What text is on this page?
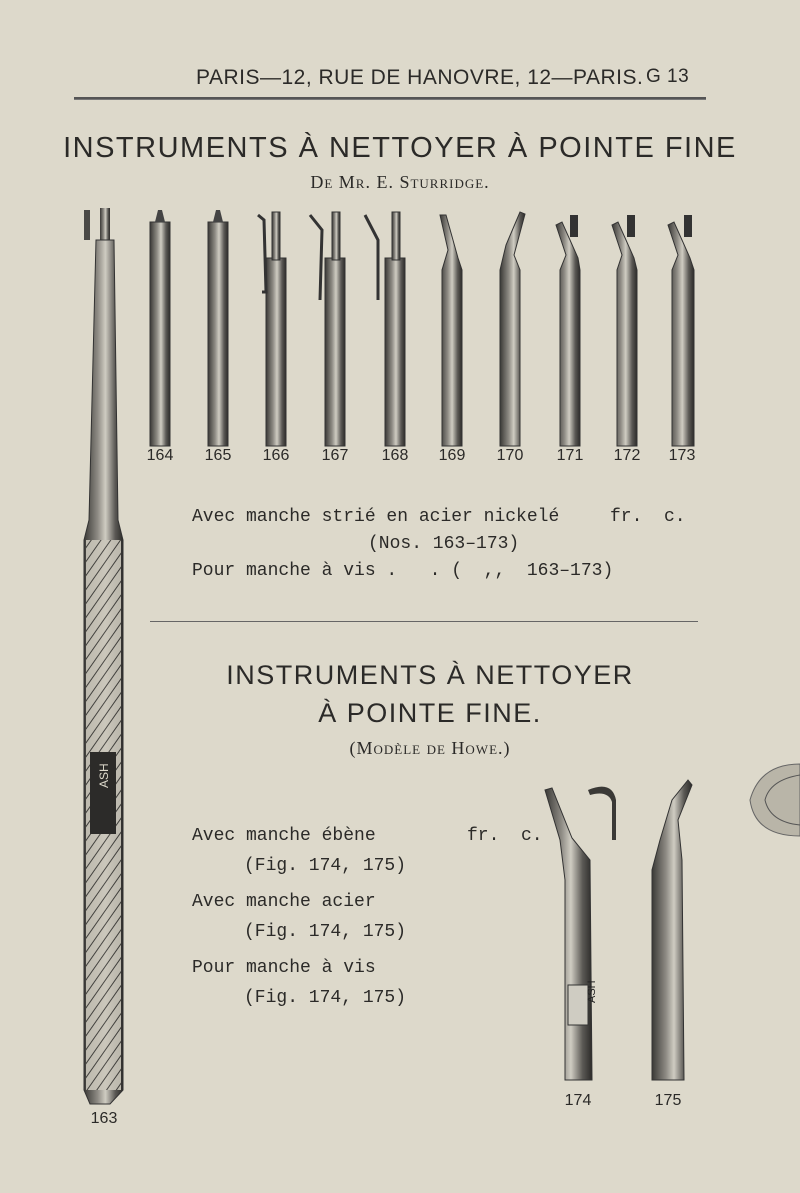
PARIS—12, RUE DE HANOVRE, 12—PARIS. G 13
INSTRUMENTS À NETTOYER À POINTE FINE
De Mr. E. Sturridge.
ASH
ASH
164	165	166	167	168	169	170	171	172	173
Avec manche strié en acier nickelé	fr.  c.
(Nos. 163–173)
Pour manche à vis .   . (  ,,  163–173)
INSTRUMENTS À NETTOYER
À POINTE FINE.
(Modèle de Howe.)
fr.  c.
Avec manche ébène
(Fig. 174, 175)
Avec manche acier
(Fig. 174, 175)
Pour manche à vis
(Fig. 174, 175)
174	175
163
